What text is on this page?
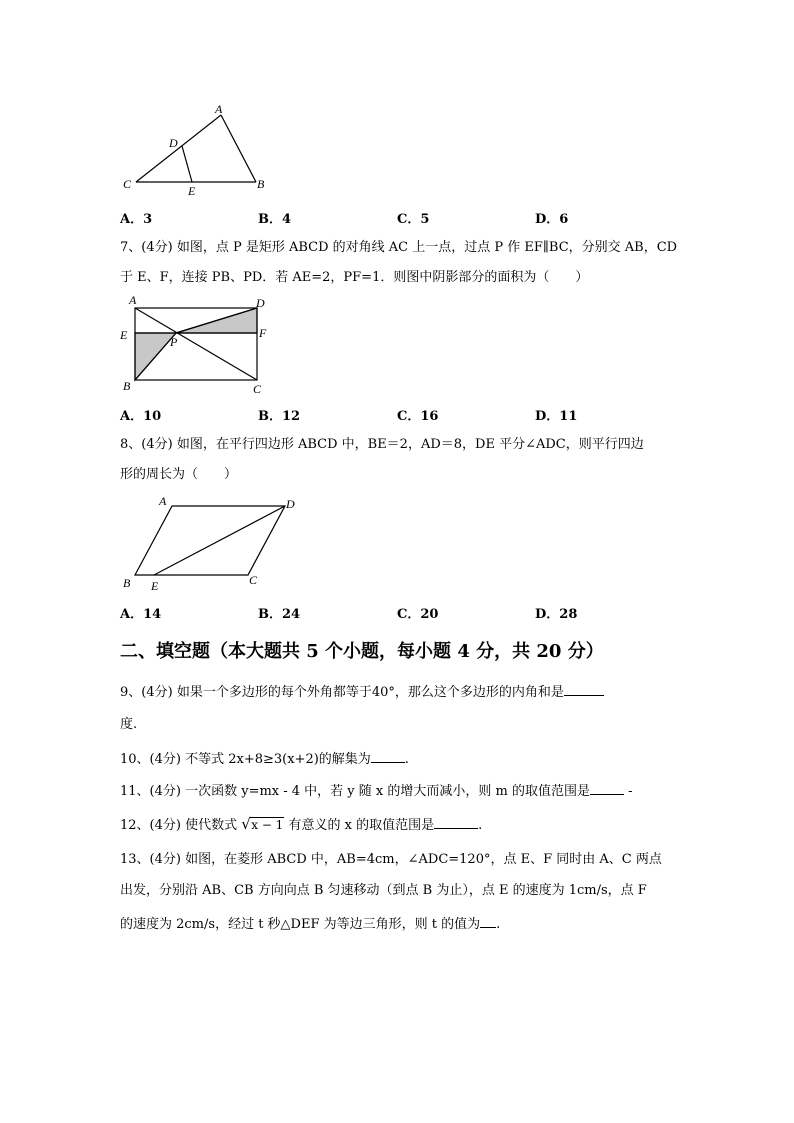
A
D
C	E	B
A．3	B．4	C．5	D．6
7、(4分) 如图，点 P 是矩形 ABCD 的对角线 AC 上一点，过点 P 作 EF∥BC，分别交 AB，CD
于 E、F，连接 PB、PD．若 AE=2，PF=1．则图中阴影部分的面积为（　　）
A	D
E	P
F
B	C
A．10	B．12	C．16	D．11
8、(4分) 如图，在平行四边形 ABCD 中，BE＝2，AD＝8，DE 平分∠ADC，则平行四边
形的周长为（　　）
A	D
B E	C
A．14	B．24	C．20	D．28
二、填空题（本大题共 5 个小题，每小题 4 分，共 20 分）
9、(4分) 如果一个多边形的每个外角都等于40°，那么这个多边形的内角和是
度.
10、(4分) 不等式 2x+8≥3(x+2)的解集为	.
11、(4分) 一次函数 y=mx - 4 中，若 y 随 x 的增大而减小，则 m 的取值范围是	-
12、(4分) 使代数式 √ x − 1 有意义的 x 的取值范围是	.
13、(4分) 如图，在菱形 ABCD 中，AB=4cm，∠ADC=120°，点 E、F 同时由 A、C 两点
出发，分别沿 AB、CB 方向向点 B 匀速移动（到点 B 为止），点 E 的速度为 1cm/s，点 F
的速度为 2cm/s，经过 t 秒△DEF 为等边三角形，则 t 的值为 .
